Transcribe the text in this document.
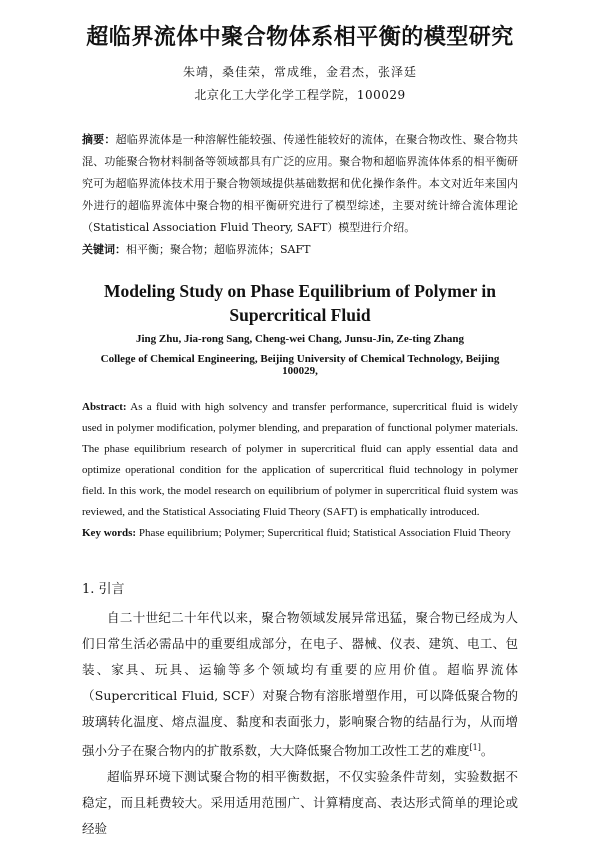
超临界流体中聚合物体系相平衡的模型研究
朱靖，桑佳荣，常成维，金君杰，张泽廷
北京化工大学化学工程学院，100029
摘要：超临界流体是一种溶解性能较强、传递性能较好的流体，在聚合物改性、聚合物共混、功能聚合物材料制备等领域都具有广泛的应用。聚合物和超临界流体体系的相平衡研究可为超临界流体技术用于聚合物领域提供基础数据和优化操作条件。本文对近年来国内外进行的超临界流体中聚合物的相平衡研究进行了模型综述，主要对统计缔合流体理论（Statistical Association Fluid Theory, SAFT）模型进行介绍。
关键词：相平衡；聚合物；超临界流体；SAFT
Modeling Study on Phase Equilibrium of Polymer in
Supercritical Fluid
Jing Zhu, Jia-rong Sang, Cheng-wei Chang, Junsu-Jin, Ze-ting Zhang
College of Chemical Engineering, Beijing University of Chemical Technology, Beijing 100029,
Abstract: As a fluid with high solvency and transfer performance, supercritical fluid is widely used in polymer modification, polymer blending, and preparation of functional polymer materials. The phase equilibrium research of polymer in supercritical fluid can apply essential data and optimize operational condition for the application of supercritical fluid technology in polymer field. In this work, the model research on equilibrium of polymer in supercritical fluid system was reviewed, and the Statistical Associating Fluid Theory (SAFT) is emphatically introduced.
Key words: Phase equilibrium; Polymer; Supercritical fluid; Statistical Association Fluid Theory
1. 引言

自二十世纪二十年代以来，聚合物领域发展异常迅猛，聚合物已经成为人们日常生活必需品中的重要组成部分，在电子、器械、仪表、建筑、电工、包装、家具、玩具、运输等多个领域均有重要的应用价值。超临界流体（Supercritical Fluid, SCF）对聚合物有溶胀增塑作用，可以降低聚合物的玻璃转化温度、熔点温度、黏度和表面张力，影响聚合物的结晶行为，从而增强小分子在聚合物内的扩散系数，大大降低聚合物加工改性工艺的难度[1]。

超临界环境下测试聚合物的相平衡数据，不仅实验条件苛刻，实验数据不稳定，而且耗费较大。采用适用范围广、计算精度高、表达形式简单的理论或经验
